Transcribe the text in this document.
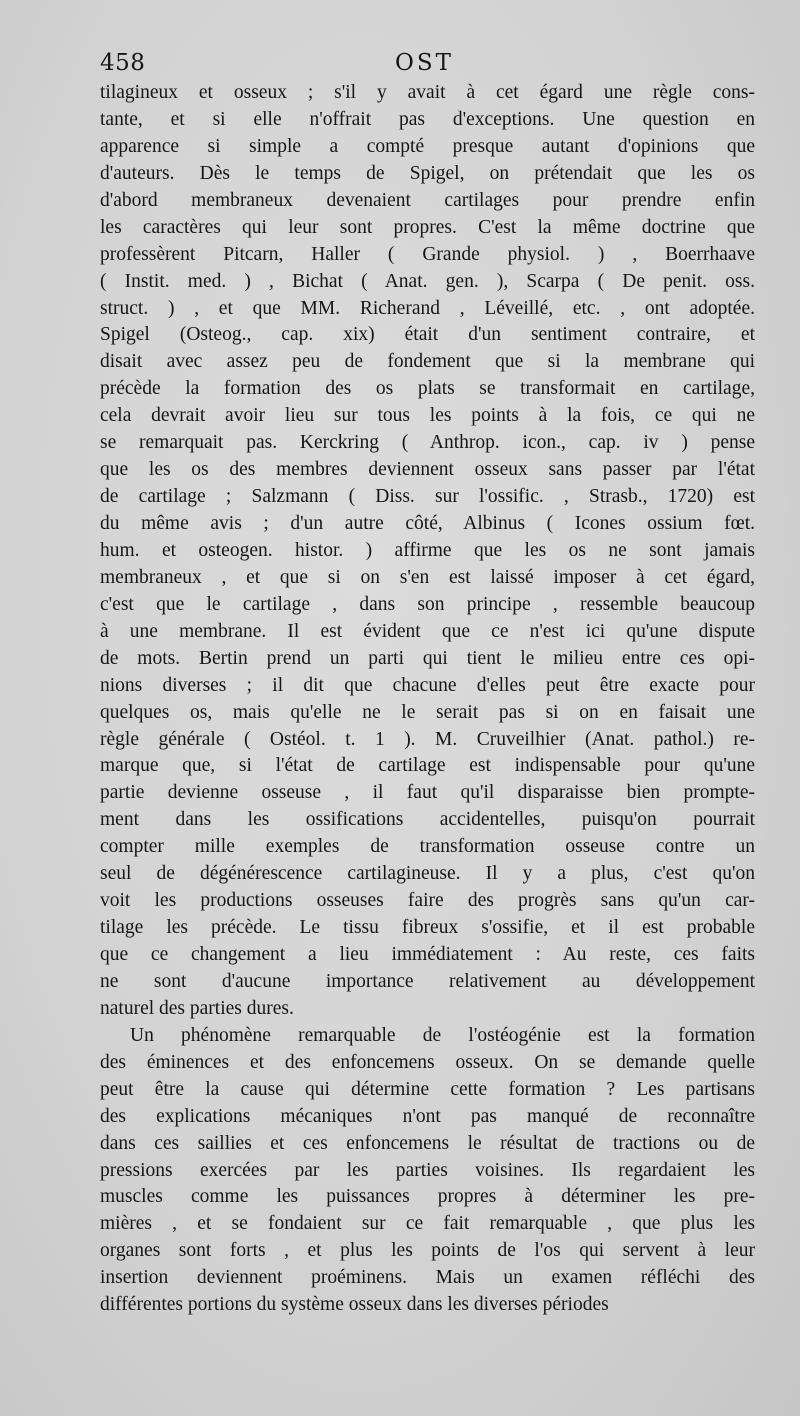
458	OST
tilagineux et osseux ; s'il y avait à cet égard une règle cons-
tante, et si elle n'offrait pas d'exceptions. Une question en
apparence si simple a compté presque autant d'opinions que
d'auteurs. Dès le temps de Spigel, on prétendait que les os
d'abord membraneux devenaient cartilages pour prendre enfin
les caractères qui leur sont propres. C'est la même doctrine que
professèrent Pitcarn, Haller ( Grande physiol. ) , Boerrhaave
( Instit. med. ) , Bichat ( Anat. gen. ), Scarpa ( De penit. oss.
struct. ) , et que MM. Richerand , Léveillé, etc. , ont adoptée.
Spigel (Osteog., cap. xix) était d'un sentiment contraire, et
disait avec assez peu de fondement que si la membrane qui
précède la formation des os plats se transformait en cartilage,
cela devrait avoir lieu sur tous les points à la fois, ce qui ne
se remarquait pas. Kerckring ( Anthrop. icon., cap. iv ) pense
que les os des membres deviennent osseux sans passer par l'état
de cartilage ; Salzmann ( Diss. sur l'ossific. , Strasb., 1720) est
du même avis ; d'un autre côté, Albinus ( Icones ossium fœt.
hum. et osteogen. histor. ) affirme que les os ne sont jamais
membraneux , et que si on s'en est laissé imposer à cet égard,
c'est que le cartilage , dans son principe , ressemble beaucoup
à une membrane. Il est évident que ce n'est ici qu'une dispute
de mots. Bertin prend un parti qui tient le milieu entre ces opi-
nions diverses ; il dit que chacune d'elles peut être exacte pour
quelques os, mais qu'elle ne le serait pas si on en faisait une
règle générale ( Ostéol. t. 1 ). M. Cruveilhier (Anat. pathol.) re-
marque que, si l'état de cartilage est indispensable pour qu'une
partie devienne osseuse , il faut qu'il disparaisse bien prompte-
ment dans les ossifications accidentelles, puisqu'on pourrait
compter mille exemples de transformation osseuse contre un
seul de dégénérescence cartilagineuse. Il y a plus, c'est qu'on
voit les productions osseuses faire des progrès sans qu'un car-
tilage les précède. Le tissu fibreux s'ossifie, et il est probable
que ce changement a lieu immédiatement : Au reste, ces faits
ne sont d'aucune importance relativement au développement
naturel des parties dures.
Un phénomène remarquable de l'ostéogénie est la formation
des éminences et des enfoncemens osseux. On se demande quelle
peut être la cause qui détermine cette formation ? Les partisans
des explications mécaniques n'ont pas manqué de reconnaître
dans ces saillies et ces enfoncemens le résultat de tractions ou de
pressions exercées par les parties voisines. Ils regardaient les
muscles comme les puissances propres à déterminer les pre-
mières , et se fondaient sur ce fait remarquable , que plus les
organes sont forts , et plus les points de l'os qui servent à leur
insertion deviennent proéminens. Mais un examen réfléchi des
différentes portions du système osseux dans les diverses périodes
